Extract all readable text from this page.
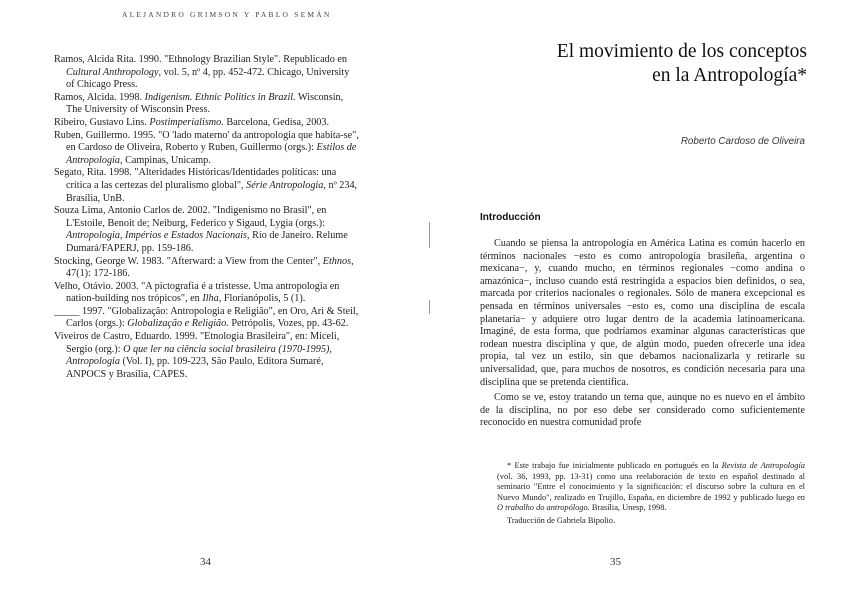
ALEJANDRO GRIMSON Y PABLO SEMÁN
Ramos, Alcida Rita. 1990. "Ethnology Brazilian Style". Republicado en Cultural Anthropology, vol. 5, nº 4, pp. 452-472. Chicago, University of Chicago Press.
Ramos, Alcida. 1998. Indigenism. Ethnic Politics in Brazil. Wisconsin, The University of Wisconsin Press.
Ribeiro, Gustavo Lins. Postimperialismo. Barcelona, Gedisa, 2003.
Ruben, Guillermo. 1995. "O 'lado materno' da antropologia que habita-se", en Cardoso de Oliveira, Roberto y Ruben, Guillermo (orgs.): Estilos de Antropologia, Campinas, Unicamp.
Segato, Rita. 1998. "Alteridades Históricas/Identidades políticas: una crítica a las certezas del pluralismo global", Série Antropologia, nº 234, Brasília, UnB.
Souza Lima, Antonio Carlos de. 2002. "Indigenismo no Brasil", en L'Estoile, Benoit de; Neiburg, Federico y Sigaud, Lygia (orgs.): Antropologia, Impérios e Estados Nacionais, Río de Janeiro. Relume Dumará/FAPERJ, pp. 159-186.
Stocking, George W. 1983. "Afterward: a View from the Center", Ethnos, 47(1): 172-186.
Velho, Otávio. 2003. "A pictografia é a tristesse. Uma antropologia en nation-building nos trópicos", en Ilha, Florianópolis, 5 (1).
_____ 1997. "Globalização: Antropologia e Religião", en Oro, Ari & Steil, Carlos (orgs.): Globalização e Religião. Petrópolis, Vozes, pp. 43-62.
Viveiros de Castro, Eduardo. 1999. "Etnologia Brasileira", en: Miceli, Sergio (org.): O que ler na ciência social brasileira (1970-1995), Antropologia (Vol. I), pp. 109-223, São Paulo, Editora Sumaré, ANPOCS y Brasília, CAPES.
34
El movimiento de los conceptos
en la Antropología*
Roberto Cardoso de Oliveira
Introducción

Cuando se piensa la antropología en América Latina es común hacerlo en términos nacionales −esto es como antropología brasileña, argentina o mexicana−, y, cuando mucho, en términos regionales −como andina o amazónica−, incluso cuando está restringida a espacios bien definidos, o sea, marcada por criterios nacionales o regionales. Sólo de manera excepcional es pensada en términos universales −esto es, como una disciplina de escala planetaria− y adquiere otro lugar dentro de la academia latinoamericana. Imaginé, de esta forma, que podríamos examinar algunas características que rodean nuestra disciplina y que, de algún modo, pueden ofrecerle una idea propia, tal vez un estilo, sin que debamos nacionalizarla y retirarle su universalidad, que, para muchos de nosotros, es condición necesaria para una disciplina que se pretenda científica.

Como se ve, estoy tratando un tema que, aunque no es nuevo en el ámbito de la disciplina, no por eso debe ser considerado como suficientemente reconocido en nuestra comunidad profe

* Este trabajo fue inicialmente publicado en portugués en la Revista de Antropología (vol. 36, 1993, pp. 13-31) como una reelaboración de texto en español destinado al seminario "Entre el conocimiento y la significación: el discurso sobre la cultura en el Nuevo Mundo", realizado en Trujillo, España, en diciembre de 1992 y publicado luego en O trabalho do antropólogo. Brasília, Unesp, 1998.
Traducción de Gabriela Bipolio.
35
